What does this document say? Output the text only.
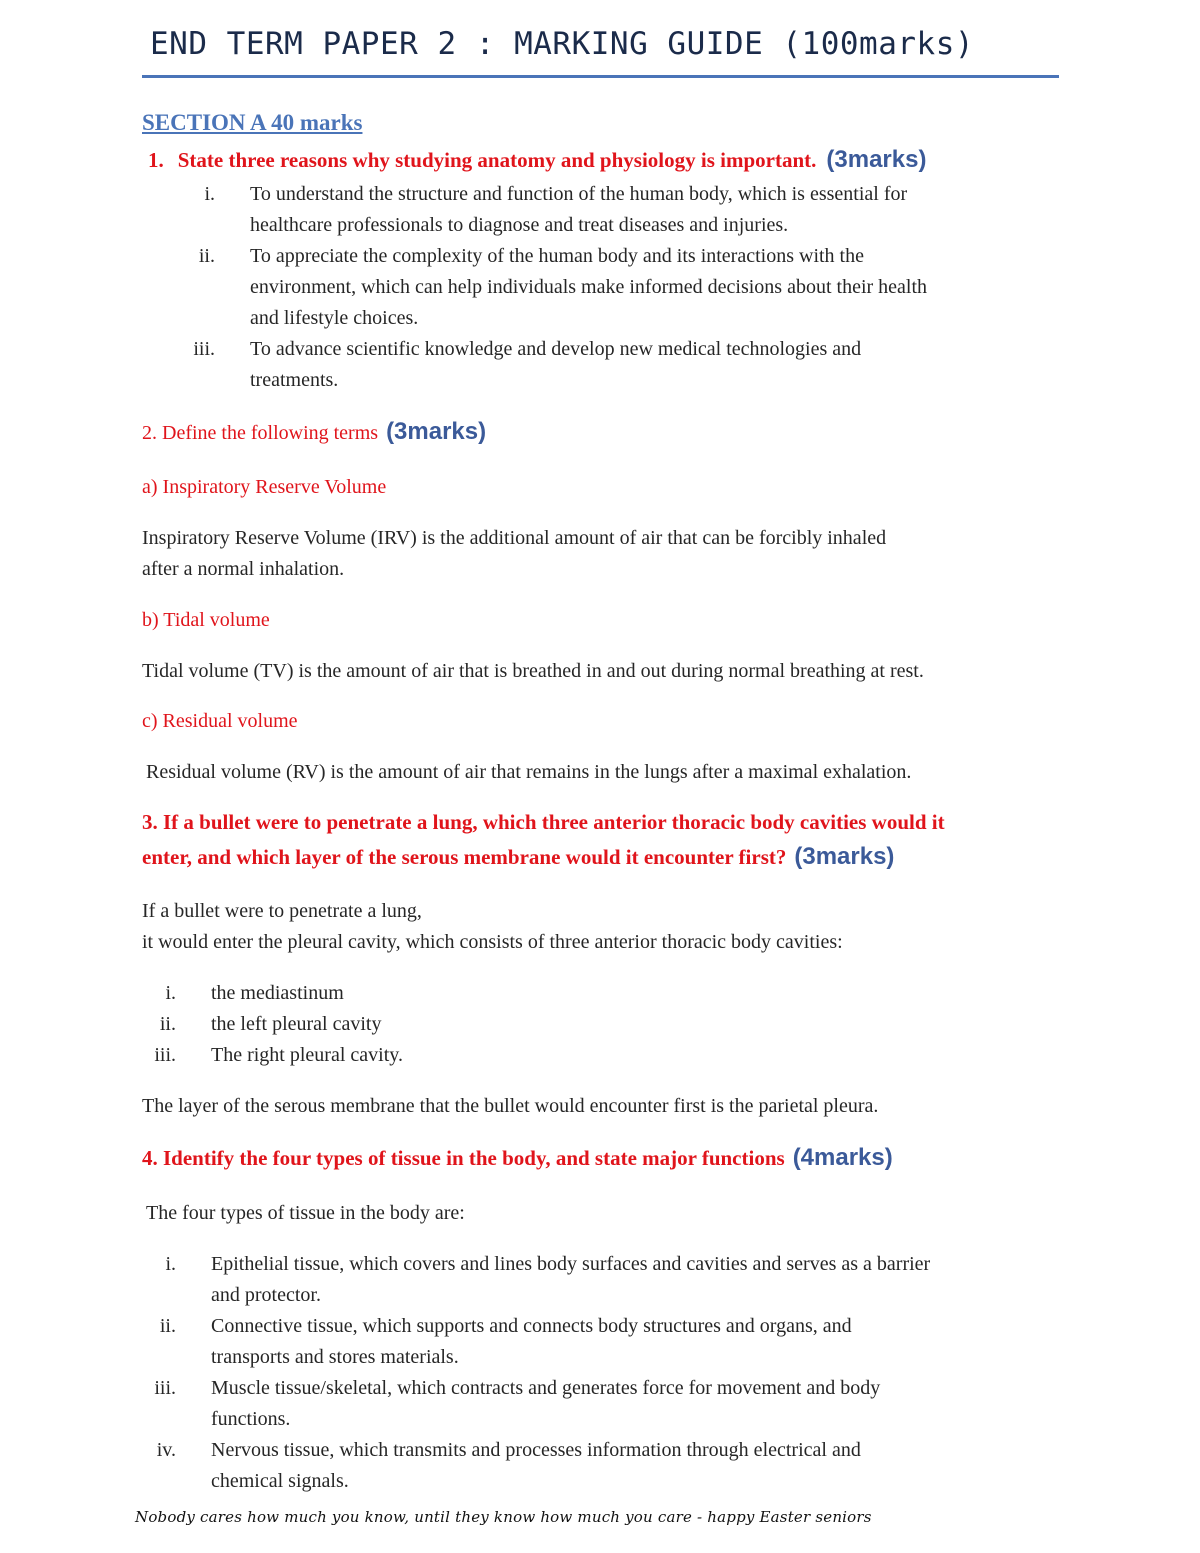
END TERM PAPER 2 : MARKING GUIDE (100marks)
SECTION A 40 marks
1. State three reasons why studying anatomy and physiology is important. (3marks)
i. To understand the structure and function of the human body, which is essential for
healthcare professionals to diagnose and treat diseases and injuries.
ii. To appreciate the complexity of the human body and its interactions with the
environment, which can help individuals make informed decisions about their health
and lifestyle choices.
iii. To advance scientific knowledge and develop new medical technologies and
treatments.
2. Define the following terms (3marks)
a) Inspiratory Reserve Volume
Inspiratory Reserve Volume (IRV) is the additional amount of air that can be forcibly inhaled
after a normal inhalation.
b) Tidal volume
Tidal volume (TV) is the amount of air that is breathed in and out during normal breathing at rest.
c) Residual volume
Residual volume (RV) is the amount of air that remains in the lungs after a maximal exhalation.
3. If a bullet were to penetrate a lung, which three anterior thoracic body cavities would it
enter, and which layer of the serous membrane would it encounter first? (3marks)
If a bullet were to penetrate a lung,
it would enter the pleural cavity, which consists of three anterior thoracic body cavities:
i. the mediastinum
ii. the left pleural cavity
iii. The right pleural cavity.
The layer of the serous membrane that the bullet would encounter first is the parietal pleura.
4. Identify the four types of tissue in the body, and state major functions (4marks)
The four types of tissue in the body are:
i. Epithelial tissue, which covers and lines body surfaces and cavities and serves as a barrier
and protector.
ii. Connective tissue, which supports and connects body structures and organs, and
transports and stores materials.
iii. Muscle tissue/skeletal, which contracts and generates force for movement and body
functions.
iv. Nervous tissue, which transmits and processes information through electrical and
chemical signals.
Nobody cares how much you know, until they know how much you care - happy Easter seniors
